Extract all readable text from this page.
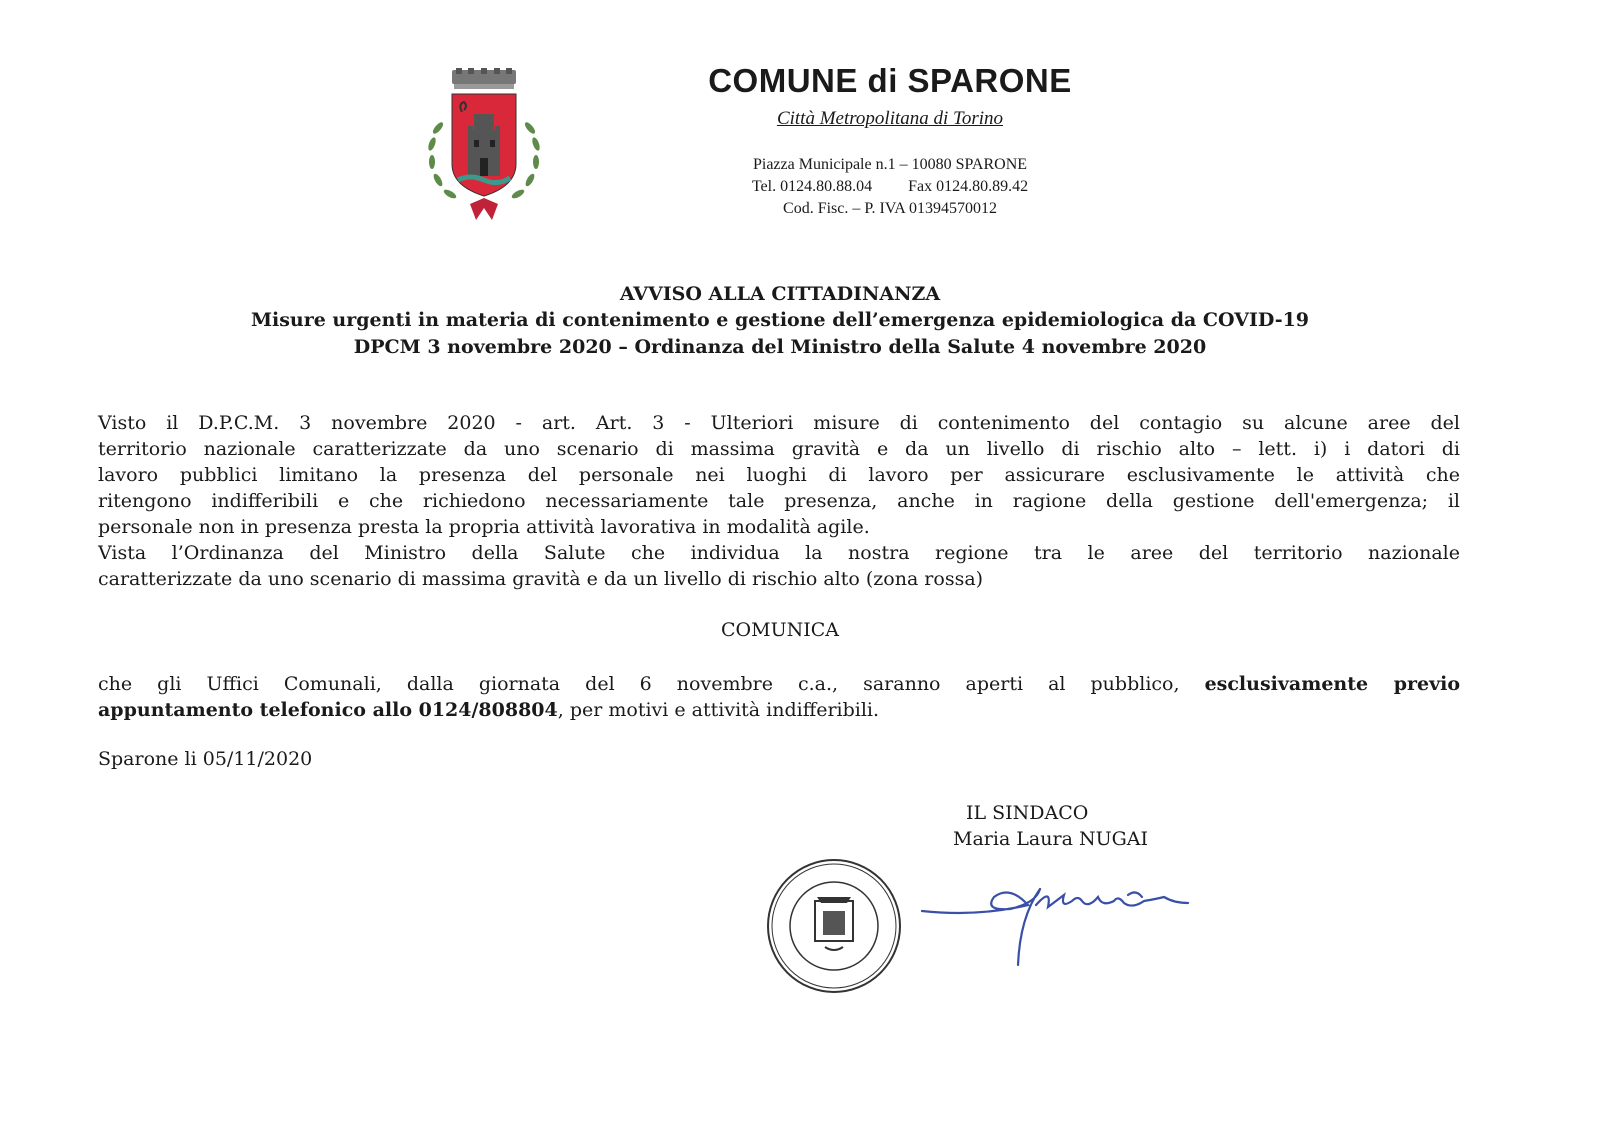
COMUNE di SPARONE
Città Metropolitana di Torino
Piazza Municipale n.1 – 10080 SPARONE
Tel. 0124.80.88.04 Fax 0124.80.89.42
Cod. Fisc. – P. IVA 01394570012
AVVISO ALLA CITTADINANZA
Misure urgenti in materia di contenimento e gestione dell’emergenza epidemiologica da COVID-19
DPCM 3 novembre 2020 – Ordinanza del Ministro della Salute 4 novembre 2020
Visto il D.P.C.M. 3 novembre 2020 - art. Art. 3 - Ulteriori misure di contenimento del contagio su alcune aree del
territorio nazionale caratterizzate da uno scenario di massima gravità e da un livello di rischio alto – lett. i) i datori di
lavoro pubblici limitano la presenza del personale nei luoghi di lavoro per assicurare esclusivamente le attività che
ritengono indifferibili e che richiedono necessariamente tale presenza, anche in ragione della gestione dell'emergenza; il
personale non in presenza presta la propria attività lavorativa in modalità agile.
Vista l’Ordinanza del Ministro della Salute che individua la nostra regione tra le aree del territorio nazionale
caratterizzate da uno scenario di massima gravità e da un livello di rischio alto (zona rossa)
COMUNICA
che gli Uffici Comunali, dalla giornata del 6 novembre c.a., saranno aperti al pubblico, esclusivamente previo
appuntamento telefonico allo 0124/808804, per motivi e attività indifferibili.
Sparone li 05/11/2020
IL SINDACO
Maria Laura NUGAI
